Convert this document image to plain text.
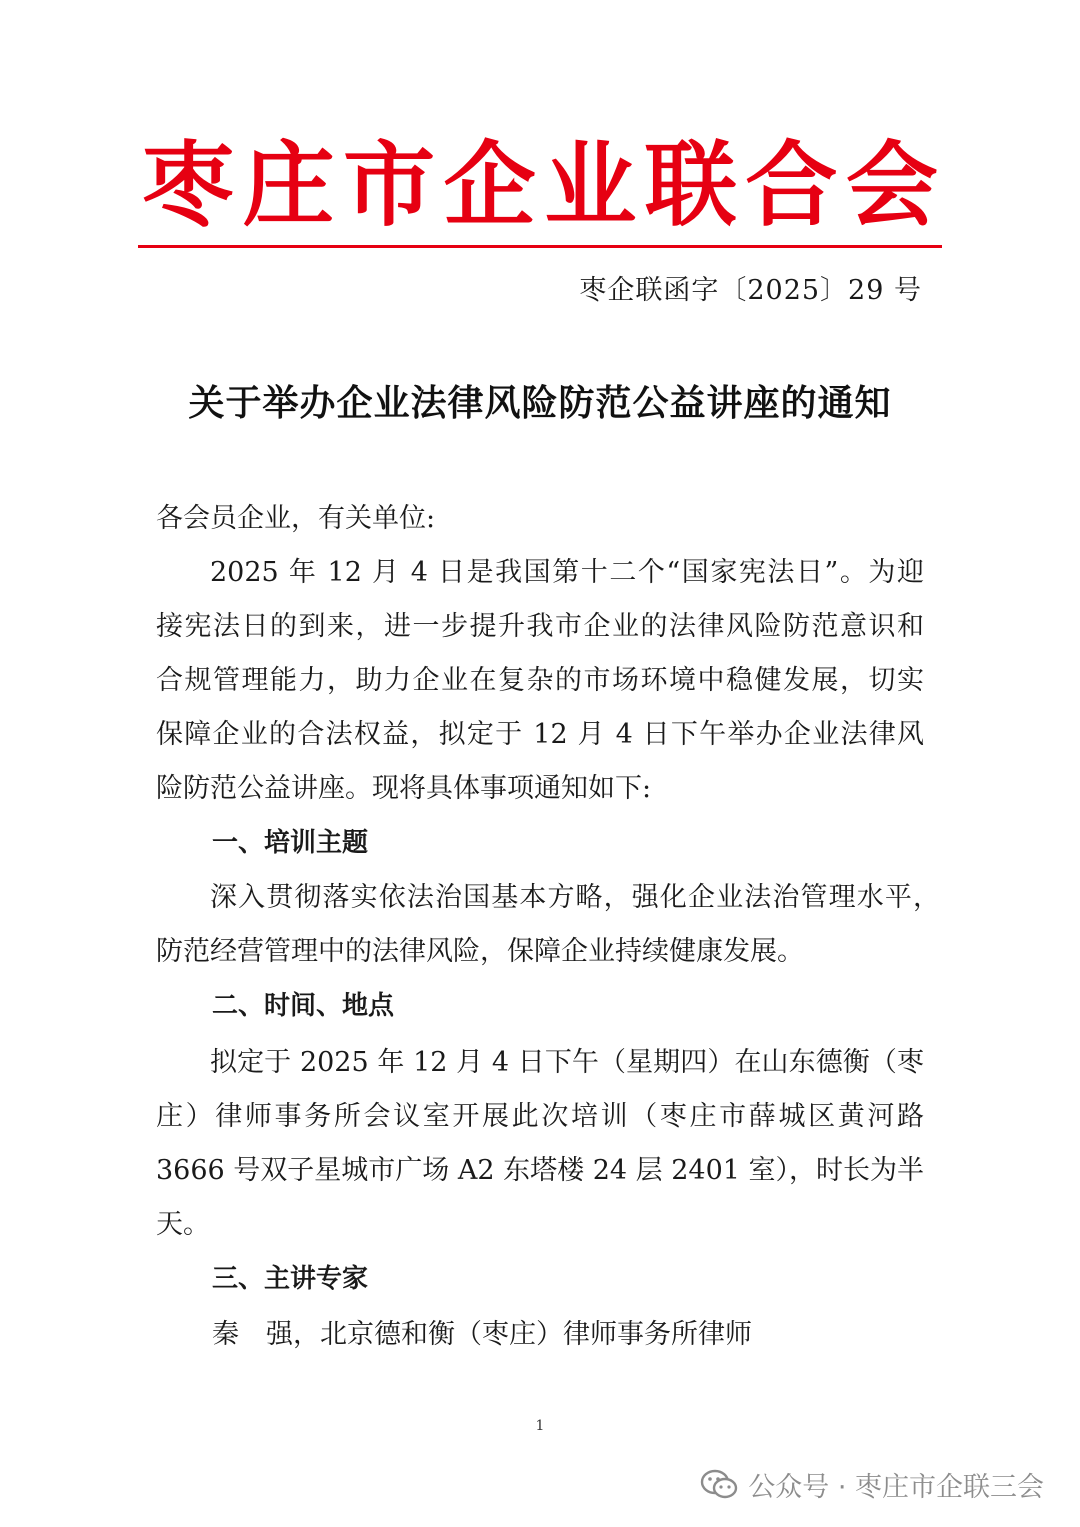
枣 庄 市 企 业 联 合 会
枣企联函字〔2025〕29 号
关于举办企业法律风险防范公益讲座的通知
各会员企业，有关单位:
2025 年 12 月 4 日是我国第十二个“国家宪法日”。为迎
接宪法日的到来，进一步提升我市企业的法律风险防范意识和
合规管理能力，助力企业在复杂的市场环境中稳健发展，切实
保障企业的合法权益，拟定于 12 月 4 日下午举办企业法律风
险防范公益讲座。现将具体事项通知如下:
一、培训主题
深入贯彻落实依法治国基本方略，强化企业法治管理水平，
防范经营管理中的法律风险，保障企业持续健康发展。
二、时间、地点
拟定于 2025 年 12 月 4 日下午（星期四）在山东德衡（枣
庄）律师事务所会议室开展此次培训（枣庄市薛城区黄河路
3666 号双子星城市广场 A2 东塔楼 24 层 2401 室），时长为半
天。
三、主讲专家
秦　强，北京德和衡（枣庄）律师事务所律师
1
公众号 · 枣庄市企联三会
